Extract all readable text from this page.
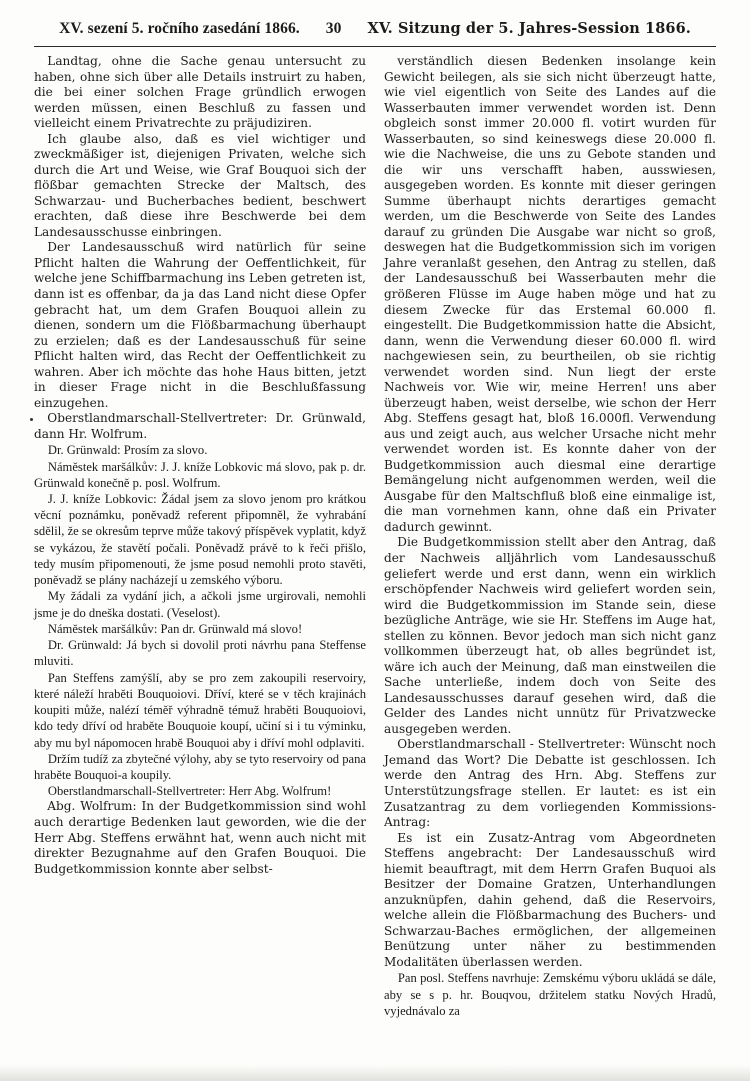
XV. sezení 5. ročního zasedání 1866. 30 XV. Sitzung der 5. Jahres-Session 1866.

Landtag, ohne die Sache genau untersucht zu haben, ohne sich über alle Details instruirt zu haben, die bei einer solchen Frage gründlich erwogen werden müssen, einen Beschluß zu fassen und vielleicht einem Privatrechte zu präjudiziren.

Ich glaube also, daß es viel wichtiger und zweckmäßiger ist, diejenigen Privaten, welche sich durch die Art und Weise, wie Graf Bouquoi sich der flößbar gemachten Strecke der Maltsch, des Schwarzau- und Bucherbaches bedient, beschwert erachten, daß diese ihre Beschwerde bei dem Landesausschusse einbringen.

Der Landesausschuß wird natürlich für seine Pflicht halten die Wahrung der Oeffentlichkeit, für welche jene Schiffbarmachung ins Leben getreten ist, dann ist es offenbar, da ja das Land nicht diese Opfer gebracht hat, um dem Grafen Bouquoi allein zu dienen, sondern um die Flößbarmachung überhaupt zu erzielen; daß es der Landesausschuß für seine Pflicht halten wird, das Recht der Oeffentlichkeit zu wahren. Aber ich möchte das hohe Haus bitten, jetzt in dieser Frage nicht in die Beschlußfassung einzugehen.

Oberstlandmarschall-Stellvertreter: Dr. Grünwald, dann Hr. Wolfrum.

Dr. Grünwald: Prosím za slovo.

Náměstek maršálkův: J. J. kníže Lobkovic má slovo, pak p. dr. Grünwald konečně p. posl. Wolfrum.

J. J. kníže Lobkovic: Žádal jsem za slovo jenom pro krátkou věcní poznámku, poněvadž referent připomněl, že vyhrabání sdělil, že se okresům teprve může takový příspěvek vyplatit, když se vykázou, že stavětí počali. Poněvadž právě to k řeči přišlo, tedy musím připomenouti, že jsme posud nemohli proto stavěti, poněvadž se plány nacházejí u zemského výboru.

My žádali za vydání jich, a ačkoli jsme urgirovali, nemohli jsme je do dneška dostati. (Veselost).

Náměstek maršálkův: Pan dr. Grünwald má slovo!

Dr. Grünwald: Já bych si dovolil proti návrhu pana Steffense mluviti.

Pan Steffens zamýšlí, aby se pro zem zakoupili reservoiry, které náleží hraběti Bouquoiovi. Dříví, které se v těch krajinách koupiti může, nalézí téměř výhradně témuž hraběti Bouquoiovi, kdo tedy dříví od hraběte Bouquoie koupí, učiní si i tu výminku, aby mu byl nápomocen hrabě Bouquoi aby i dříví mohl odplaviti.

Držím tudíž za zbytečné výlohy, aby se tyto reservoiry od pana hraběte Bouquoi-a koupily.

Oberstlandmarschall-Stellvertreter: Herr Abg. Wolfrum!

Abg. Wolfrum: In der Budgetkommission sind wohl auch derartige Bedenken laut geworden, wie die der Herr Abg. Steffens erwähnt hat, wenn auch nicht mit direkter Bezugnahme auf den Grafen Bouquoi. Die Budgetkommission konnte aber selbst-

verständlich diesen Bedenken insolange kein Gewicht beilegen, als sie sich nicht überzeugt hatte, wie viel eigentlich von Seite des Landes auf die Wasserbauten immer verwendet worden ist. Denn obgleich sonst immer 20.000 fl. votirt wurden für Wasserbauten, so sind keineswegs diese 20.000 fl. wie die Nachweise, die uns zu Gebote standen und die wir uns verschafft haben, ausswiesen, ausgegeben worden. Es konnte mit dieser geringen Summe überhaupt nichts derartiges gemacht werden, um die Beschwerde von Seite des Landes darauf zu gründen Die Ausgabe war nicht so groß, deswegen hat die Budgetkommission sich im vorigen Jahre veranlaßt gesehen, den Antrag zu stellen, daß der Landesausschuß bei Wasserbauten mehr die größeren Flüsse im Auge haben möge und hat zu diesem Zwecke für das Erstemal 60.000 fl. eingestellt. Die Budgetkommission hatte die Absicht, dann, wenn die Verwendung dieser 60.000 fl. wird nachgewiesen sein, zu beurtheilen, ob sie richtig verwendet worden sind. Nun liegt der erste Nachweis vor. Wie wir, meine Herren! uns aber überzeugt haben, weist derselbe, wie schon der Herr Abg. Steffens gesagt hat, bloß 16.000fl. Verwendung aus und zeigt auch, aus welcher Ursache nicht mehr verwendet worden ist. Es konnte daher von der Budgetkommission auch diesmal eine derartige Bemängelung nicht aufgenommen werden, weil die Ausgabe für den Maltschfluß bloß eine einmalige ist, die man vornehmen kann, ohne daß ein Privater dadurch gewinnt.

Die Budgetkommission stellt aber den Antrag, daß der Nachweis alljährlich vom Landesausschuß geliefert werde und erst dann, wenn ein wirklich erschöpfender Nachweis wird geliefert worden sein, wird die Budgetkommission im Stande sein, diese bezügliche Anträge, wie sie Hr. Steffens im Auge hat, stellen zu können. Bevor jedoch man sich nicht ganz vollkommen überzeugt hat, ob alles begründet ist, wäre ich auch der Meinung, daß man einstweilen die Sache unterließe, indem doch von Seite des Landesausschusses darauf gesehen wird, daß die Gelder des Landes nicht unnütz für Privatzwecke ausgegeben werden.

Oberstlandmarschall - Stellvertreter: Wünscht noch Jemand das Wort? Die Debatte ist geschlossen. Ich werde den Antrag des Hrn. Abg. Steffens zur Unterstützungsfrage stellen. Er lautet: es ist ein Zusatzantrag zu dem vorliegenden Kommissions-Antrag:

Es ist ein Zusatz-Antrag vom Abgeordneten Steffens angebracht: Der Landesausschuß wird hiemit beauftragt, mit dem Herrn Grafen Buquoi als Besitzer der Domaine Gratzen, Unterhandlungen anzuknüpfen, dahin gehend, daß die Reservoirs, welche allein die Flößbarmachung des Buchers- und Schwarzau-Baches ermöglichen, der allgemeinen Benützung unter näher zu bestimmenden Modalitäten überlassen werden.

Pan posl. Steffens navrhuje: Zemskému výboru ukládá se dále, aby se s p. hr. Bouqvou, držitelem statku Nových Hradů, vyjednávalo za
